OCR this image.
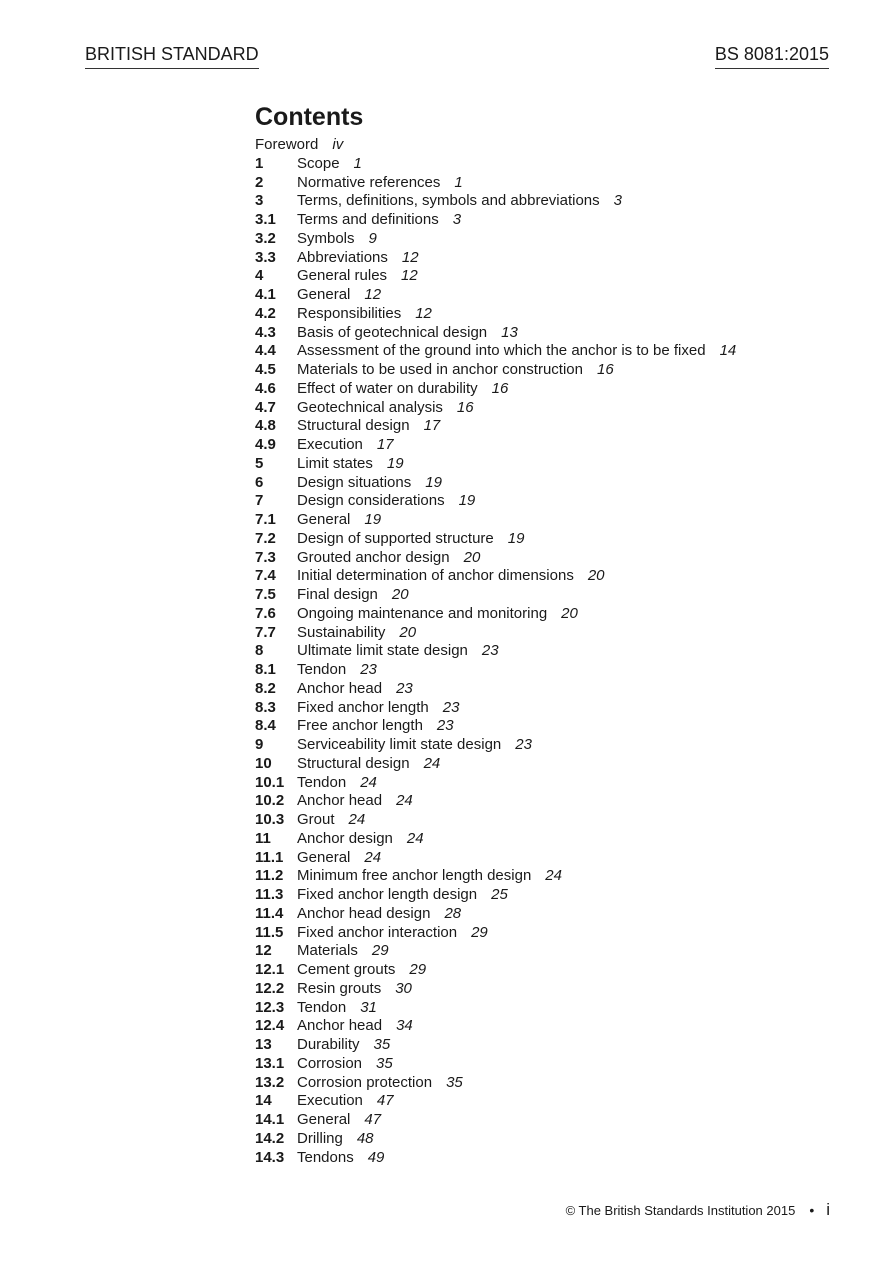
BRITISH STANDARD	BS 8081:2015
Contents
Foreword iv
1 Scope 1
2 Normative references 1
3 Terms, definitions, symbols and abbreviations 3
3.1 Terms and definitions 3
3.2 Symbols 9
3.3 Abbreviations 12
4 General rules 12
4.1 General 12
4.2 Responsibilities 12
4.3 Basis of geotechnical design 13
4.4 Assessment of the ground into which the anchor is to be fixed 14
4.5 Materials to be used in anchor construction 16
4.6 Effect of water on durability 16
4.7 Geotechnical analysis 16
4.8 Structural design 17
4.9 Execution 17
5 Limit states 19
6 Design situations 19
7 Design considerations 19
7.1 General 19
7.2 Design of supported structure 19
7.3 Grouted anchor design 20
7.4 Initial determination of anchor dimensions 20
7.5 Final design 20
7.6 Ongoing maintenance and monitoring 20
7.7 Sustainability 20
8 Ultimate limit state design 23
8.1 Tendon 23
8.2 Anchor head 23
8.3 Fixed anchor length 23
8.4 Free anchor length 23
9 Serviceability limit state design 23
10 Structural design 24
10.1 Tendon 24
10.2 Anchor head 24
10.3 Grout 24
11 Anchor design 24
11.1 General 24
11.2 Minimum free anchor length design 24
11.3 Fixed anchor length design 25
11.4 Anchor head design 28
11.5 Fixed anchor interaction 29
12 Materials 29
12.1 Cement grouts 29
12.2 Resin grouts 30
12.3 Tendon 31
12.4 Anchor head 34
13 Durability 35
13.1 Corrosion 35
13.2 Corrosion protection 35
14 Execution 47
14.1 General 47
14.2 Drilling 48
14.3 Tendons 49
© The British Standards Institution 2015 • i
